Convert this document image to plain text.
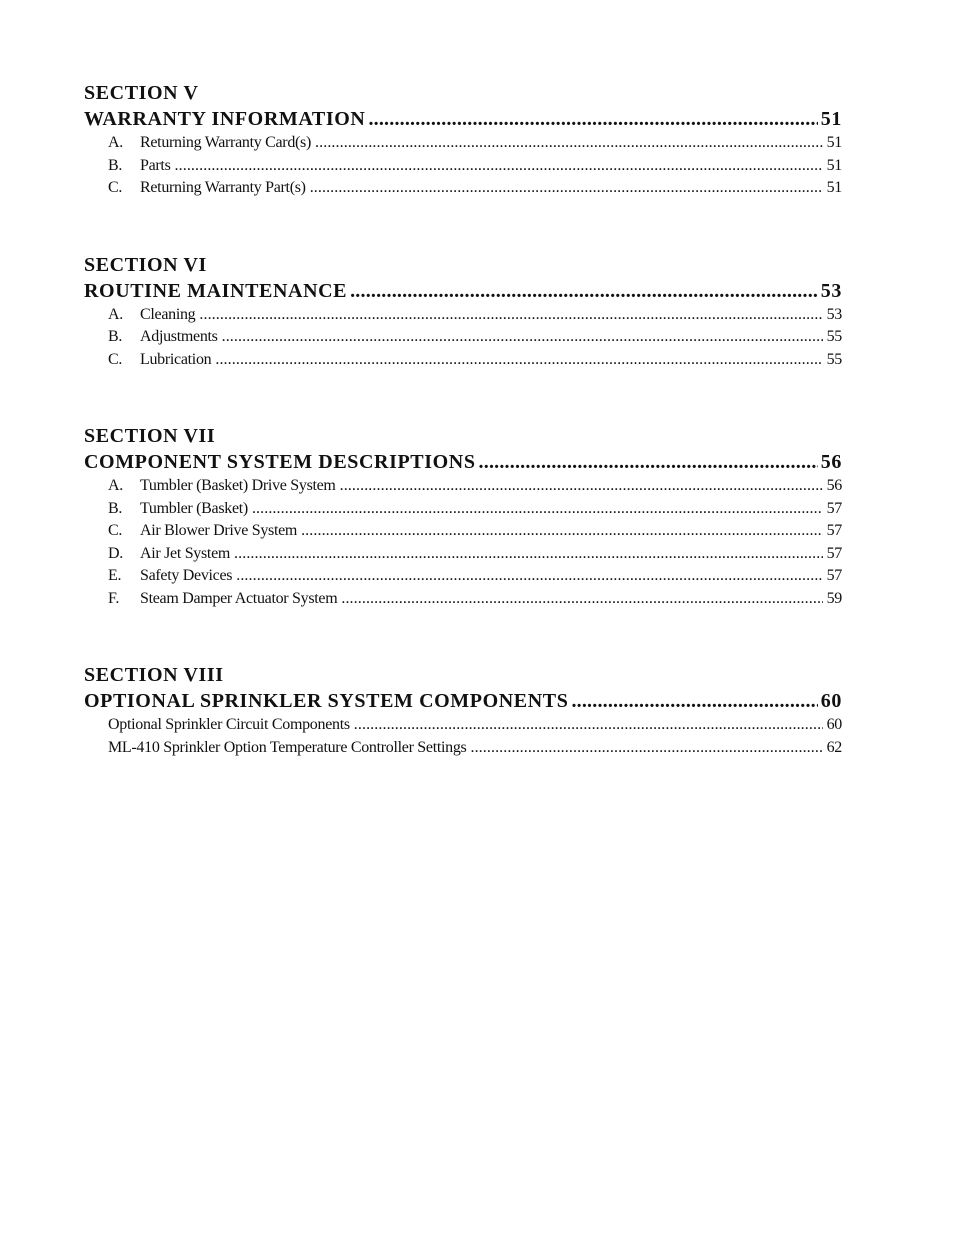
SECTION V
WARRANTY INFORMATION .....	51
A.	Returning Warranty Card(s) .....	51
B.	Parts .....	51
C.	Returning Warranty Part(s) .....	51
SECTION VI
ROUTINE MAINTENANCE .....	53
A.	Cleaning .....	53
B.	Adjustments .....	55
C.	Lubrication .....	55
SECTION VII
COMPONENT SYSTEM DESCRIPTIONS .....	56
A.	Tumbler (Basket) Drive System .....	56
B.	Tumbler (Basket) .....	57
C.	Air Blower Drive System .....	57
D.	Air Jet System .....	57
E.	Safety Devices .....	57
F.	Steam Damper Actuator System .....	59
SECTION VIII
OPTIONAL SPRINKLER SYSTEM COMPONENTS .....	60
Optional Sprinkler Circuit Components .....	60
ML-410 Sprinkler Option Temperature Controller Settings .....	62
